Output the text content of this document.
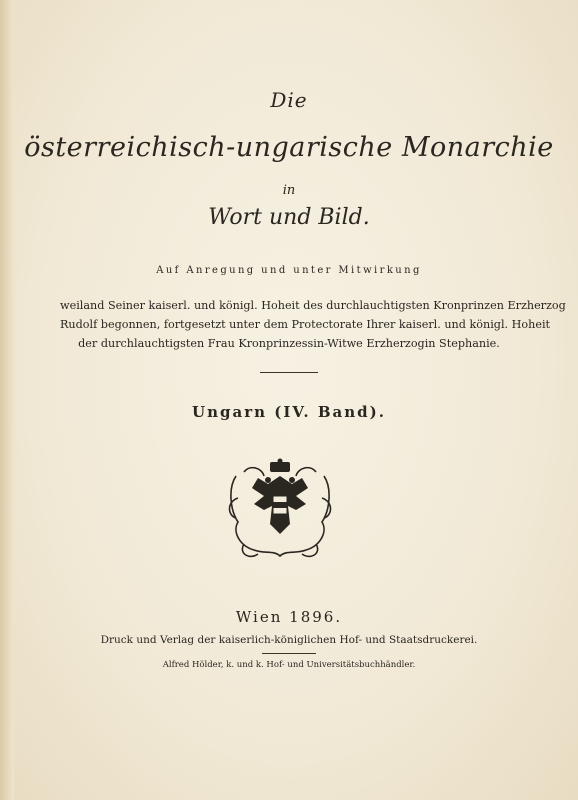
Die
österreichisch-ungarische Monarchie
in
Wort und Bild.
Auf Anregung und unter Mitwirkung
weiland Seiner kaiserl. und königl. Hoheit des durchlauchtigsten Kronprinzen Erzherzog
Rudolf begonnen, fortgesetzt unter dem Protectorate Ihrer kaiserl. und königl. Hoheit
der durchlauchtigsten Frau Kronprinzessin-Witwe Erzherzogin Stephanie.
Ungarn (IV. Band).
Wien 1896.
Druck und Verlag der kaiserlich-königlichen Hof- und Staatsdruckerei.
Alfred Hölder, k. und k. Hof- und Universitätsbuchhändler.
